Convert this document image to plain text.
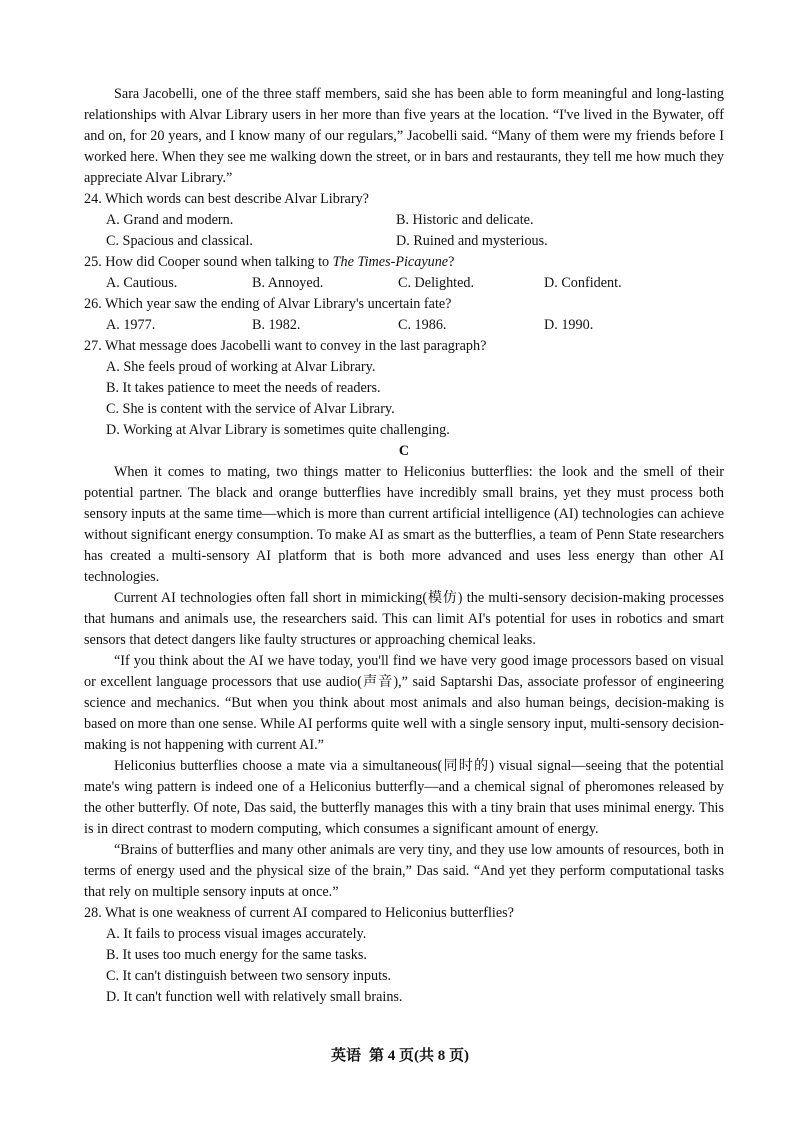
Sara Jacobelli, one of the three staff members, said she has been able to form meaningful and long-lasting relationships with Alvar Library users in her more than five years at the location. “I've lived in the Bywater, off and on, for 20 years, and I know many of our regulars,” Jacobelli said. “Many of them were my friends before I worked here. When they see me walking down the street, or in bars and restaurants, they tell me how much they appreciate Alvar Library.”

24. Which words can best describe Alvar Library?

A. Grand and modern.	B. Historic and delicate.
C. Spacious and classical.	D. Ruined and mysterious.

25. How did Cooper sound when talking to The Times-Picayune?

A. Cautious.	B. Annoyed.	C. Delighted.	D. Confident.

26. Which year saw the ending of Alvar Library's uncertain fate?

A. 1977.	B. 1982.	C. 1986.	D. 1990.

27. What message does Jacobelli want to convey in the last paragraph?

A. She feels proud of working at Alvar Library.
B. It takes patience to meet the needs of readers.
C. She is content with the service of Alvar Library.
D. Working at Alvar Library is sometimes quite challenging.

C

When it comes to mating, two things matter to Heliconius butterflies: the look and the smell of their potential partner. The black and orange butterflies have incredibly small brains, yet they must process both sensory inputs at the same time—which is more than current artificial intelligence (AI) technologies can achieve without significant energy consumption. To make AI as smart as the butterflies, a team of Penn State researchers has created a multi-sensory AI platform that is both more advanced and uses less energy than other AI technologies.

Current AI technologies often fall short in mimicking(模仿) the multi-sensory decision-making processes that humans and animals use, the researchers said. This can limit AI's potential for uses in robotics and smart sensors that detect dangers like faulty structures or approaching chemical leaks.

“If you think about the AI we have today, you'll find we have very good image processors based on visual or excellent language processors that use audio(声音),” said Saptarshi Das, associate professor of engineering science and mechanics. “But when you think about most animals and also human beings, decision-making is based on more than one sense. While AI performs quite well with a single sensory input, multi-sensory decision-making is not happening with current AI.”

Heliconius butterflies choose a mate via a simultaneous(同时的) visual signal—seeing that the potential mate's wing pattern is indeed one of a Heliconius butterfly—and a chemical signal of pheromones released by the other butterfly. Of note, Das said, the butterfly manages this with a tiny brain that uses minimal energy. This is in direct contrast to modern computing, which consumes a significant amount of energy.

“Brains of butterflies and many other animals are very tiny, and they use low amounts of resources, both in terms of energy used and the physical size of the brain,” Das said. “And yet they perform computational tasks that rely on multiple sensory inputs at once.”

28. What is one weakness of current AI compared to Heliconius butterflies?

A. It fails to process visual images accurately.
B. It uses too much energy for the same tasks.
C. It can't distinguish between two sensory inputs.
D. It can't function well with relatively small brains.
英语 第 4 页(共 8 页)
